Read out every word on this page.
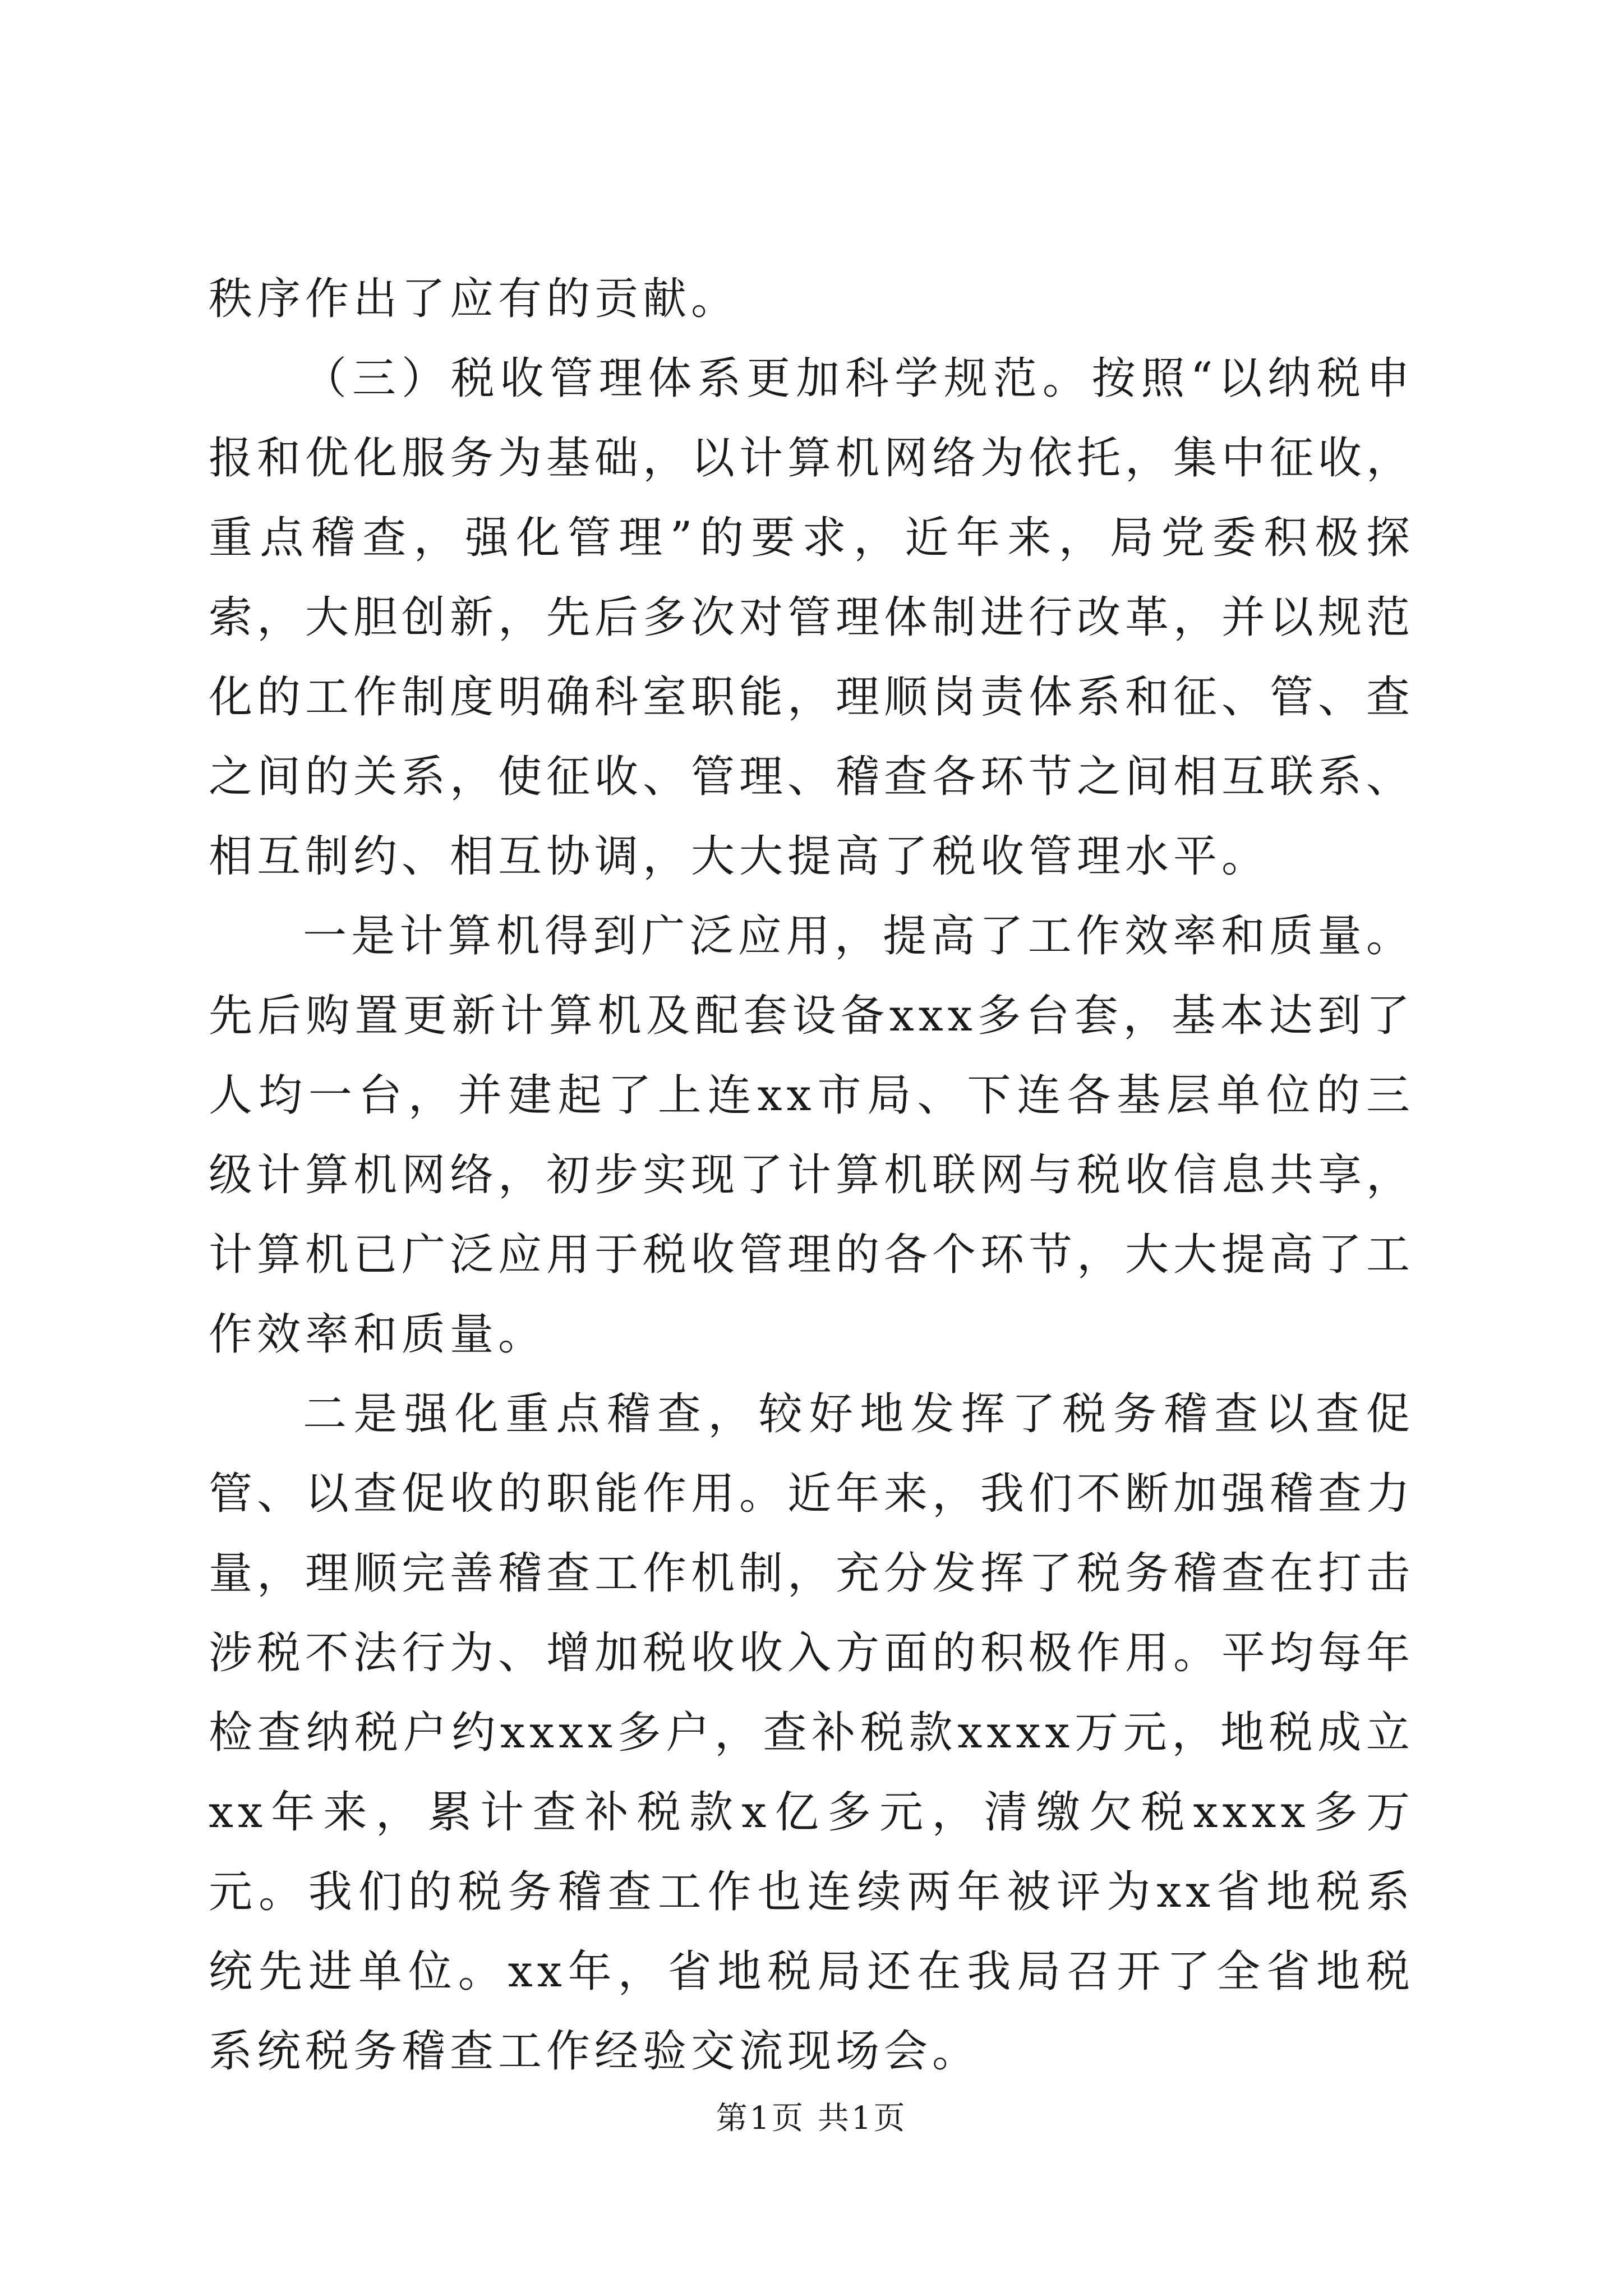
秩序作出了应有的贡献。

（三）税收管理体系更加科学规范。按照“以纳税申报和优化服务为基础，以计算机网络为依托，集中征收，重点稽查，强化管理”的要求，近年来，局党委积极探索，大胆创新，先后多次对管理体制进行改革，并以规范化的工作制度明确科室职能，理顺岗责体系和征、管、查之间的关系，使征收、管理、稽查各环节之间相互联系、相互制约、相互协调，大大提高了税收管理水平。

一是计算机得到广泛应用，提高了工作效率和质量。先后购置更新计算机及配套设备xxx多台套，基本达到了人均一台，并建起了上连xx市局、下连各基层单位的三级计算机网络，初步实现了计算机联网与税收信息共享，计算机已广泛应用于税收管理的各个环节，大大提高了工作效率和质量。

二是强化重点稽查，较好地发挥了税务稽查以查促管、以查促收的职能作用。近年来，我们不断加强稽查力量，理顺完善稽查工作机制，充分发挥了税务稽查在打击涉税不法行为、增加税收收入方面的积极作用。平均每年检查纳税户约xxxx多户，查补税款xxxx万元，地税成立xx年来，累计查补税款x亿多元，清缴欠税xxxx多万元。我们的税务稽查工作也连续两年被评为xx省地税系统先进单位。xx年，省地税局还在我局召开了全省地税系统税务稽查工作经验交流现场会。

第1页 共1页
